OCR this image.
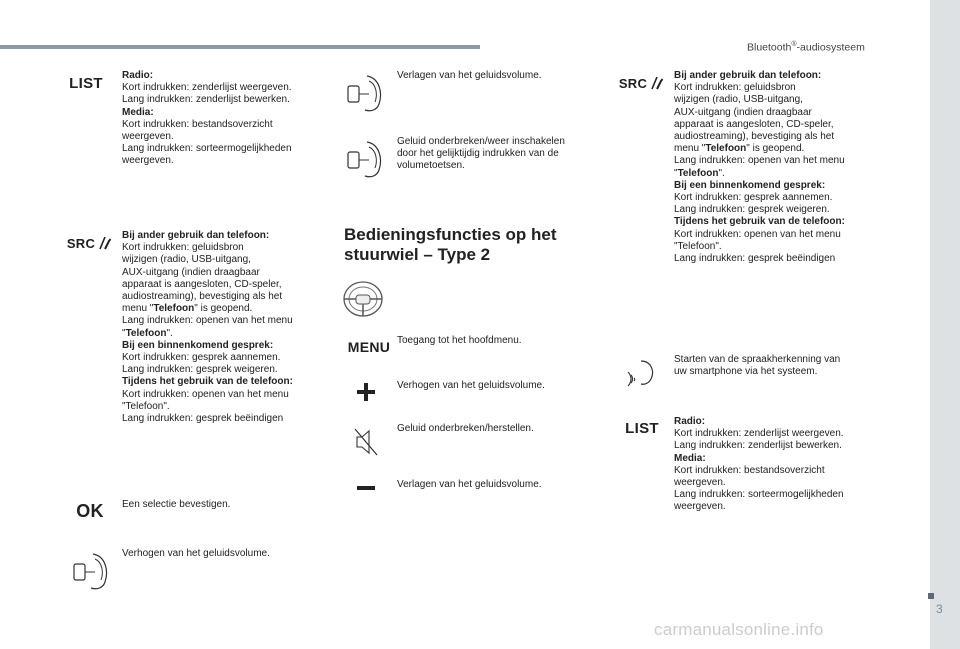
Bluetooth®-audiosysteem
3
carmanualsonline.info
LIST Radio:
Kort indrukken: zenderlijst weergeven.
Lang indrukken: zenderlijst bewerken.
Media:
Kort indrukken: bestandsoverzicht
weergeven.
Lang indrukken: sorteermogelijkheden
weergeven.
SRC	Bij ander gebruik dan telefoon:
Kort indrukken: geluidsbron
wijzigen (radio, USB-uitgang,
AUX-uitgang (indien draagbaar
apparaat is aangesloten, CD-speler,
audiostreaming), bevestiging als het
menu "Telefoon" is geopend.
Lang indrukken: openen van het menu
"Telefoon".
Bij een binnenkomend gesprek:
Kort indrukken: gesprek aannemen.
Lang indrukken: gesprek weigeren.
Tijdens het gebruik van de telefoon:
Kort indrukken: openen van het menu
"Telefoon".
Lang indrukken: gesprek beëindigen
OK Een selectie bevestigen.
Verhogen van het geluidsvolume.
Verlagen van het geluidsvolume.
Geluid onderbreken/weer inschakelen
door het gelijktijdig indrukken van de
volumetoetsen.
Bedieningsfuncties op het
stuurwiel – Type 2
MENU Toegang tot het hoofdmenu.
Verhogen van het geluidsvolume.
Geluid onderbreken/herstellen.
Verlagen van het geluidsvolume.
SRC	Bij ander gebruik dan telefoon:
Kort indrukken: geluidsbron
wijzigen (radio, USB-uitgang,
AUX-uitgang (indien draagbaar
apparaat is aangesloten, CD-speler,
audiostreaming), bevestiging als het
menu "Telefoon" is geopend.
Lang indrukken: openen van het menu
"Telefoon".
Bij een binnenkomend gesprek:
Kort indrukken: gesprek aannemen.
Lang indrukken: gesprek weigeren.
Tijdens het gebruik van de telefoon:
Kort indrukken: openen van het menu
"Telefoon".
Lang indrukken: gesprek beëindigen
Starten van de spraakherkenning van
uw smartphone via het systeem.
LIST Radio:
Kort indrukken: zenderlijst weergeven.
Lang indrukken: zenderlijst bewerken.
Media:
Kort indrukken: bestandsoverzicht
weergeven.
Lang indrukken: sorteermogelijkheden
weergeven.
